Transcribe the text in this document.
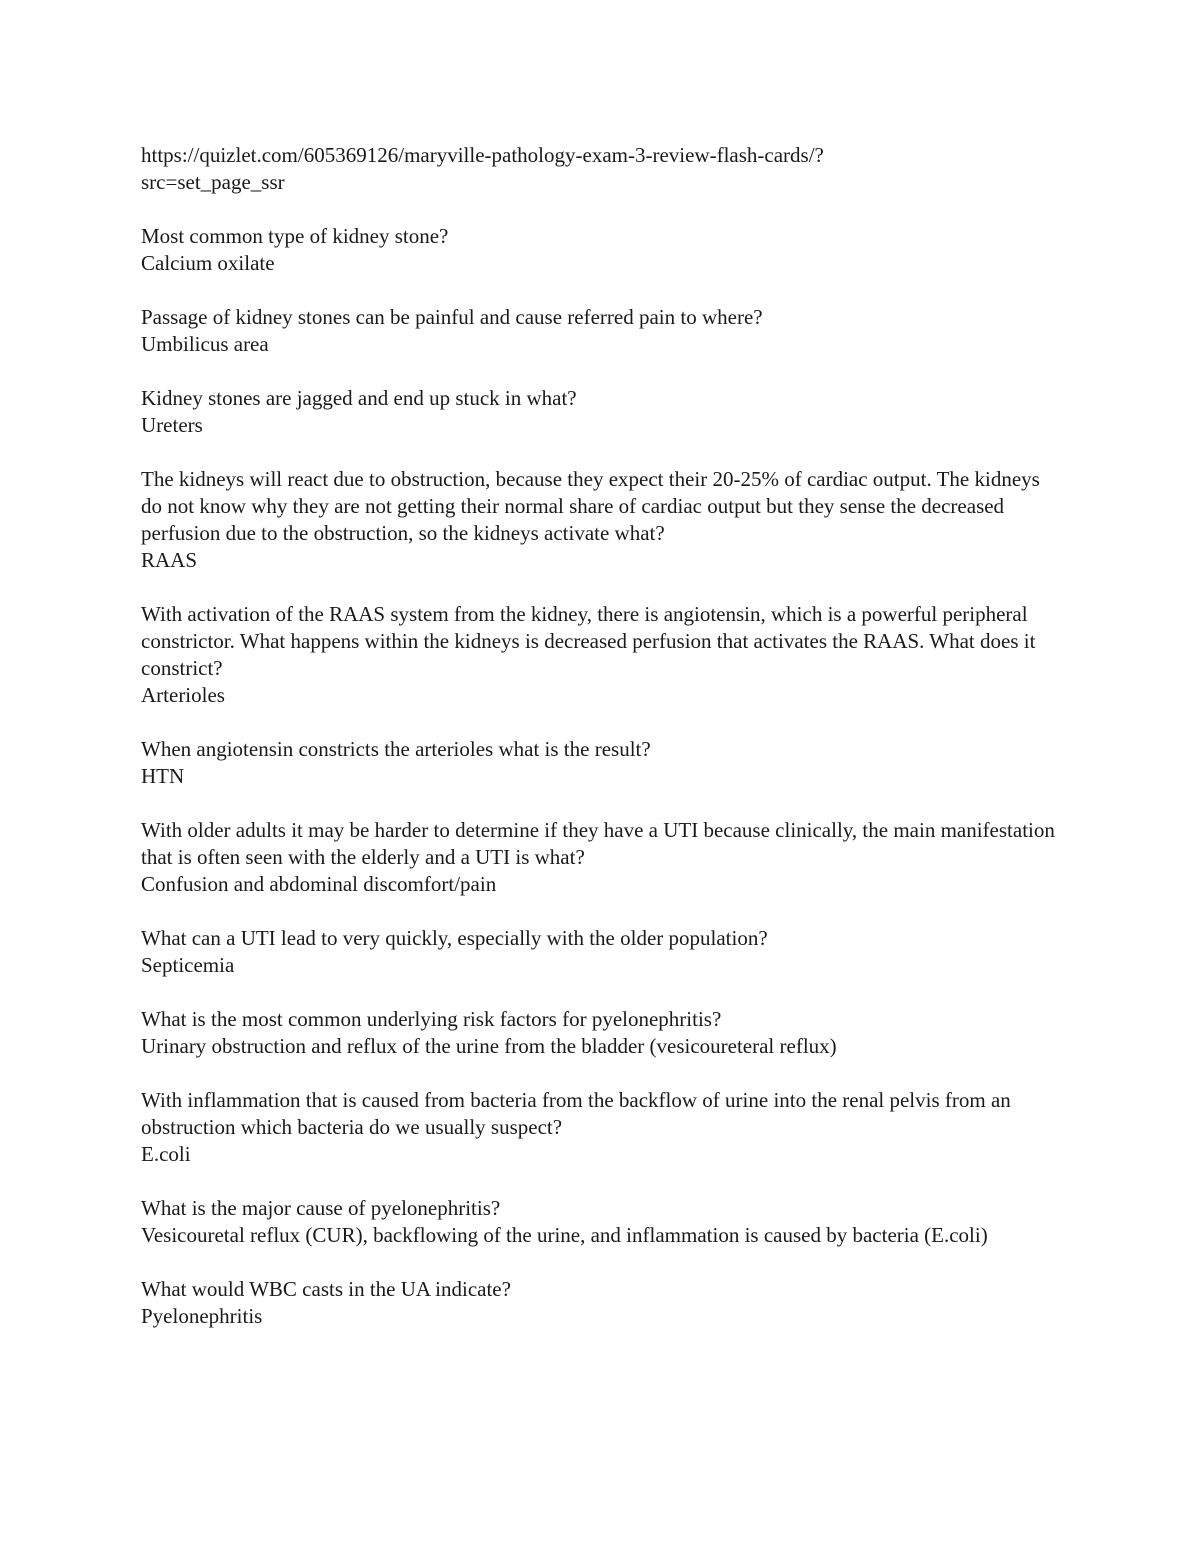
https://quizlet.com/605369126/maryville-pathology-exam-3-review-flash-cards/?
src=set_page_ssr
Most common type of kidney stone?
Calcium oxilate
Passage of kidney stones can be painful and cause referred pain to where?
Umbilicus area
Kidney stones are jagged and end up stuck in what?
Ureters
The kidneys will react due to obstruction, because they expect their 20-25% of cardiac output. The kidneys do not know why they are not getting their normal share of cardiac output but they sense the decreased perfusion due to the obstruction, so the kidneys activate what?
RAAS
With activation of the RAAS system from the kidney, there is angiotensin, which is a powerful peripheral constrictor. What happens within the kidneys is decreased perfusion that activates the RAAS. What does it constrict?
Arterioles
When angiotensin constricts the arterioles what is the result?
HTN
With older adults it may be harder to determine if they have a UTI because clinically, the main manifestation that is often seen with the elderly and a UTI is what?
Confusion and abdominal discomfort/pain
What can a UTI lead to very quickly, especially with the older population?
Septicemia
What is the most common underlying risk factors for pyelonephritis?
Urinary obstruction and reflux of the urine from the bladder (vesicoureteral reflux)
With inflammation that is caused from bacteria from the backflow of urine into the renal pelvis from an obstruction which bacteria do we usually suspect?
E.coli
What is the major cause of pyelonephritis?
Vesicouretal reflux (CUR), backflowing of the urine, and inflammation is caused by bacteria (E.coli)
What would WBC casts in the UA indicate?
Pyelonephritis
